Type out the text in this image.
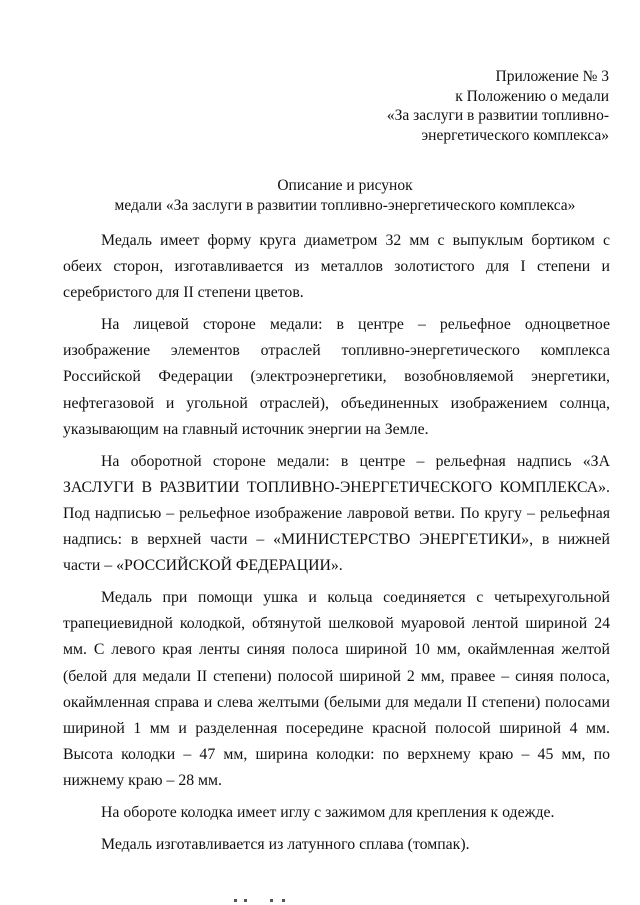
Приложение № 3
к Положению о медали
«За заслуги в развитии топливно-
энергетического комплекса»
Описание и рисунок
медали «За заслуги в развитии топливно-энергетического комплекса»

Медаль имеет форму круга диаметром 32 мм с выпуклым бортиком с обеих сторон, изготавливается из металлов золотистого для I степени и серебристого для II степени цветов.

На лицевой стороне медали: в центре – рельефное одноцветное изображение элементов отраслей топливно-энергетического комплекса Российской Федерации (электроэнергетики, возобновляемой энергетики, нефтегазовой и угольной отраслей), объединенных изображением солнца, указывающим на главный источник энергии на Земле.

На оборотной стороне медали: в центре – рельефная надпись «ЗА ЗАСЛУГИ В РАЗВИТИИ ТОПЛИВНО-ЭНЕРГЕТИЧЕСКОГО КОМПЛЕКСА». Под надписью – рельефное изображение лавровой ветви. По кругу – рельефная надпись: в верхней части – «МИНИСТЕРСТВО ЭНЕРГЕТИКИ», в нижней части – «РОССИЙСКОЙ ФЕДЕРАЦИИ».

Медаль при помощи ушка и кольца соединяется с четырехугольной трапециевидной колодкой, обтянутой шелковой муаровой лентой шириной 24 мм. С левого края ленты синяя полоса шириной 10 мм, окаймленная желтой (белой для медали II степени) полосой шириной 2 мм, правее – синяя полоса, окаймленная справа и слева желтыми (белыми для медали II степени) полосами шириной 1 мм и разделенная посередине красной полосой шириной 4 мм. Высота колодки – 47 мм, ширина колодки: по верхнему краю – 45 мм, по нижнему краю – 28 мм.

На обороте колодка имеет иглу с зажимом для крепления к одежде.

Медаль изготавливается из латунного сплава (томпак).
